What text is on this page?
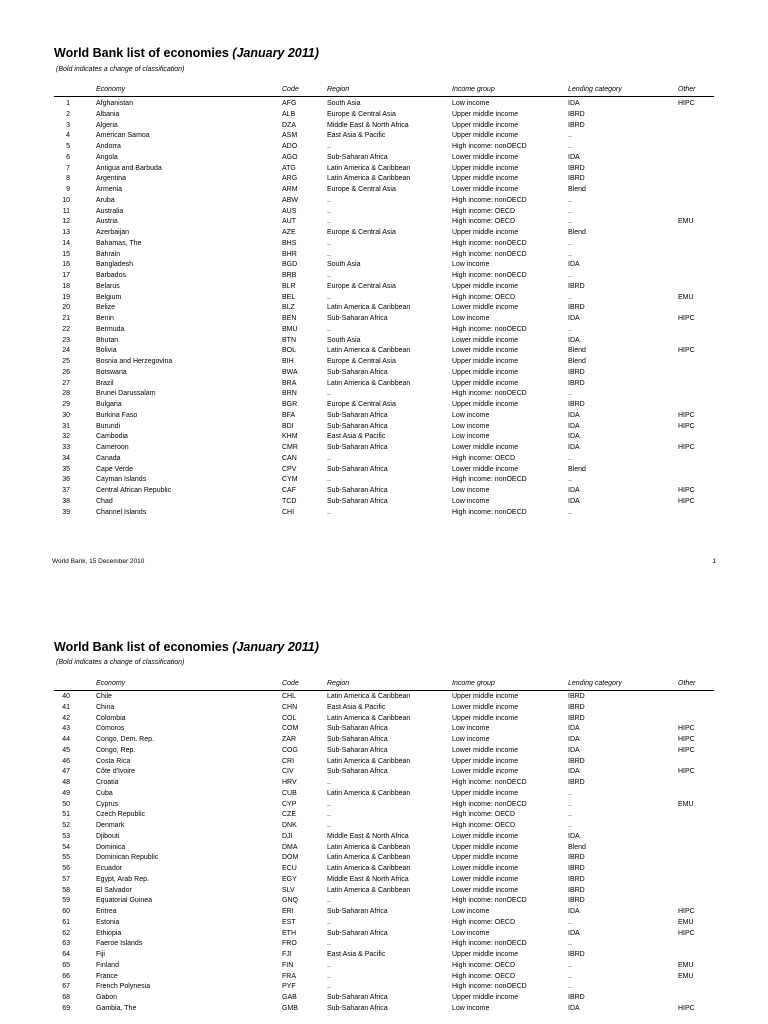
World Bank list of economies (January 2011)
(Bold indicates a change of classification)
Economy	Code	Region	Income group	Lending category	Other
World Bank, 15 December 2010	1
1	Afghanistan	AFG	South Asia	Low income	IDA	HIPC
2	Albania	ALB	Europe & Central Asia	Upper middle income	IBRD
3	Algeria	DZA	Middle East & North Africa	Upper middle income	IBRD
4	American Samoa	ASM	East Asia & Pacific	Upper middle income	..
5	Andorra	ADO	..	High income: nonOECD	..
6	Angola	AGO	Sub-Saharan Africa	Lower middle income	IDA
7	Antigua and Barbuda	ATG	Latin America & Caribbean	Upper middle income	IBRD
8	Argentina	ARG	Latin America & Caribbean	Upper middle income	IBRD
9	Armenia	ARM	Europe & Central Asia	Lower middle income	Blend
10	Aruba	ABW	..	High income: nonOECD	..
11	Australia	AUS	..	High income: OECD	..
12	Austria	AUT	..	High income: OECD	..	EMU
13	Azerbaijan	AZE	Europe & Central Asia	Upper middle income	Blend
14	Bahamas, The	BHS	..	High income: nonOECD	..
15	Bahrain	BHR	..	High income: nonOECD	..
16	Bangladesh	BGD	South Asia	Low income	IDA
17	Barbados	BRB	..	High income: nonOECD	..
18	Belarus	BLR	Europe & Central Asia	Upper middle income	IBRD
19	Belgium	BEL	..	High income: OECD	..	EMU
20	Belize	BLZ	Latin America & Caribbean	Lower middle income	IBRD
21	Benin	BEN	Sub-Saharan Africa	Low income	IDA	HIPC
22	Bermuda	BMU	..	High income: nonOECD	..
23	Bhutan	BTN	South Asia	Lower middle income	IDA
24	Bolivia	BOL	Latin America & Caribbean	Lower middle income	Blend	HIPC
25	Bosnia and Herzegovina	BIH	Europe & Central Asia	Upper middle income	Blend
26	Botswana	BWA	Sub-Saharan Africa	Upper middle income	IBRD
27	Brazil	BRA	Latin America & Caribbean	Upper middle income	IBRD
28	Brunei Darussalam	BRN	..	High income: nonOECD	..
29	Bulgaria	BGR	Europe & Central Asia	Upper middle income	IBRD
30	Burkina Faso	BFA	Sub-Saharan Africa	Low income	IDA	HIPC
31	Burundi	BDI	Sub-Saharan Africa	Low income	IDA	HIPC
32	Cambodia	KHM	East Asia & Pacific	Low income	IDA
33	Cameroon	CMR	Sub-Saharan Africa	Lower middle income	IDA	HIPC
34	Canada	CAN	..	High income: OECD	..
35	Cape Verde	CPV	Sub-Saharan Africa	Lower middle income	Blend
36	Cayman Islands	CYM	..	High income: nonOECD	..
37	Central African Republic	CAF	Sub-Saharan Africa	Low income	IDA	HIPC
38	Chad	TCD	Sub-Saharan Africa	Low income	IDA	HIPC
39	Channel Islands	CHI	..	High income: nonOECD	..
World Bank list of economies (January 2011)
(Bold indicates a change of classification)
Economy	Code	Region	Income group	Lending category	Other
40	Chile	CHL	Latin America & Caribbean	Upper middle income	IBRD
41	China	CHN	East Asia & Pacific	Lower middle income	IBRD
42	Colombia	COL	Latin America & Caribbean	Upper middle income	IBRD
43	Comoros	COM	Sub-Saharan Africa	Low income	IDA	HIPC
44	Congo, Dem. Rep.	ZAR	Sub-Saharan Africa	Low income	IDA	HIPC
45	Congo, Rep.	COG	Sub-Saharan Africa	Lower middle income	IDA	HIPC
46	Costa Rica	CRI	Latin America & Caribbean	Upper middle income	IBRD
47	Côte d'Ivoire	CIV	Sub-Saharan Africa	Lower middle income	IDA	HIPC
48	Croatia	HRV	..	High income: nonOECD	IBRD
49	Cuba	CUB	Latin America & Caribbean	Upper middle income	..
50	Cyprus	CYP	..	High income: nonOECD	..	EMU
51	Czech Republic	CZE	..	High income: OECD	..
52	Denmark	DNK	..	High income: OECD	..
53	Djibouti	DJI	Middle East & North Africa	Lower middle income	IDA
54	Dominica	DMA	Latin America & Caribbean	Upper middle income	Blend
55	Dominican Republic	DOM	Latin America & Caribbean	Upper middle income	IBRD
56	Ecuador	ECU	Latin America & Caribbean	Lower middle income	IBRD
57	Egypt, Arab Rep.	EGY	Middle East & North Africa	Lower middle income	IBRD
58	El Salvador	SLV	Latin America & Caribbean	Lower middle income	IBRD
59	Equatorial Guinea	GNQ	..	High income: nonOECD	IBRD
60	Eritrea	ERI	Sub-Saharan Africa	Low income	IDA	HIPC
61	Estonia	EST	..	High income: OECD	..	EMU
62	Ethiopia	ETH	Sub-Saharan Africa	Low income	IDA	HIPC
63	Faeroe Islands	FRO	..	High income: nonOECD	..
64	Fiji	FJI	East Asia & Pacific	Upper middle income	IBRD
65	Finland	FIN	..	High income: OECD	..	EMU
66	France	FRA	..	High income: OECD	..	EMU
67	French Polynesia	PYF	..	High income: nonOECD	..
68	Gabon	GAB	Sub-Saharan Africa	Upper middle income	IBRD
69	Gambia, The	GMB	Sub-Saharan Africa	Low income	IDA	HIPC
